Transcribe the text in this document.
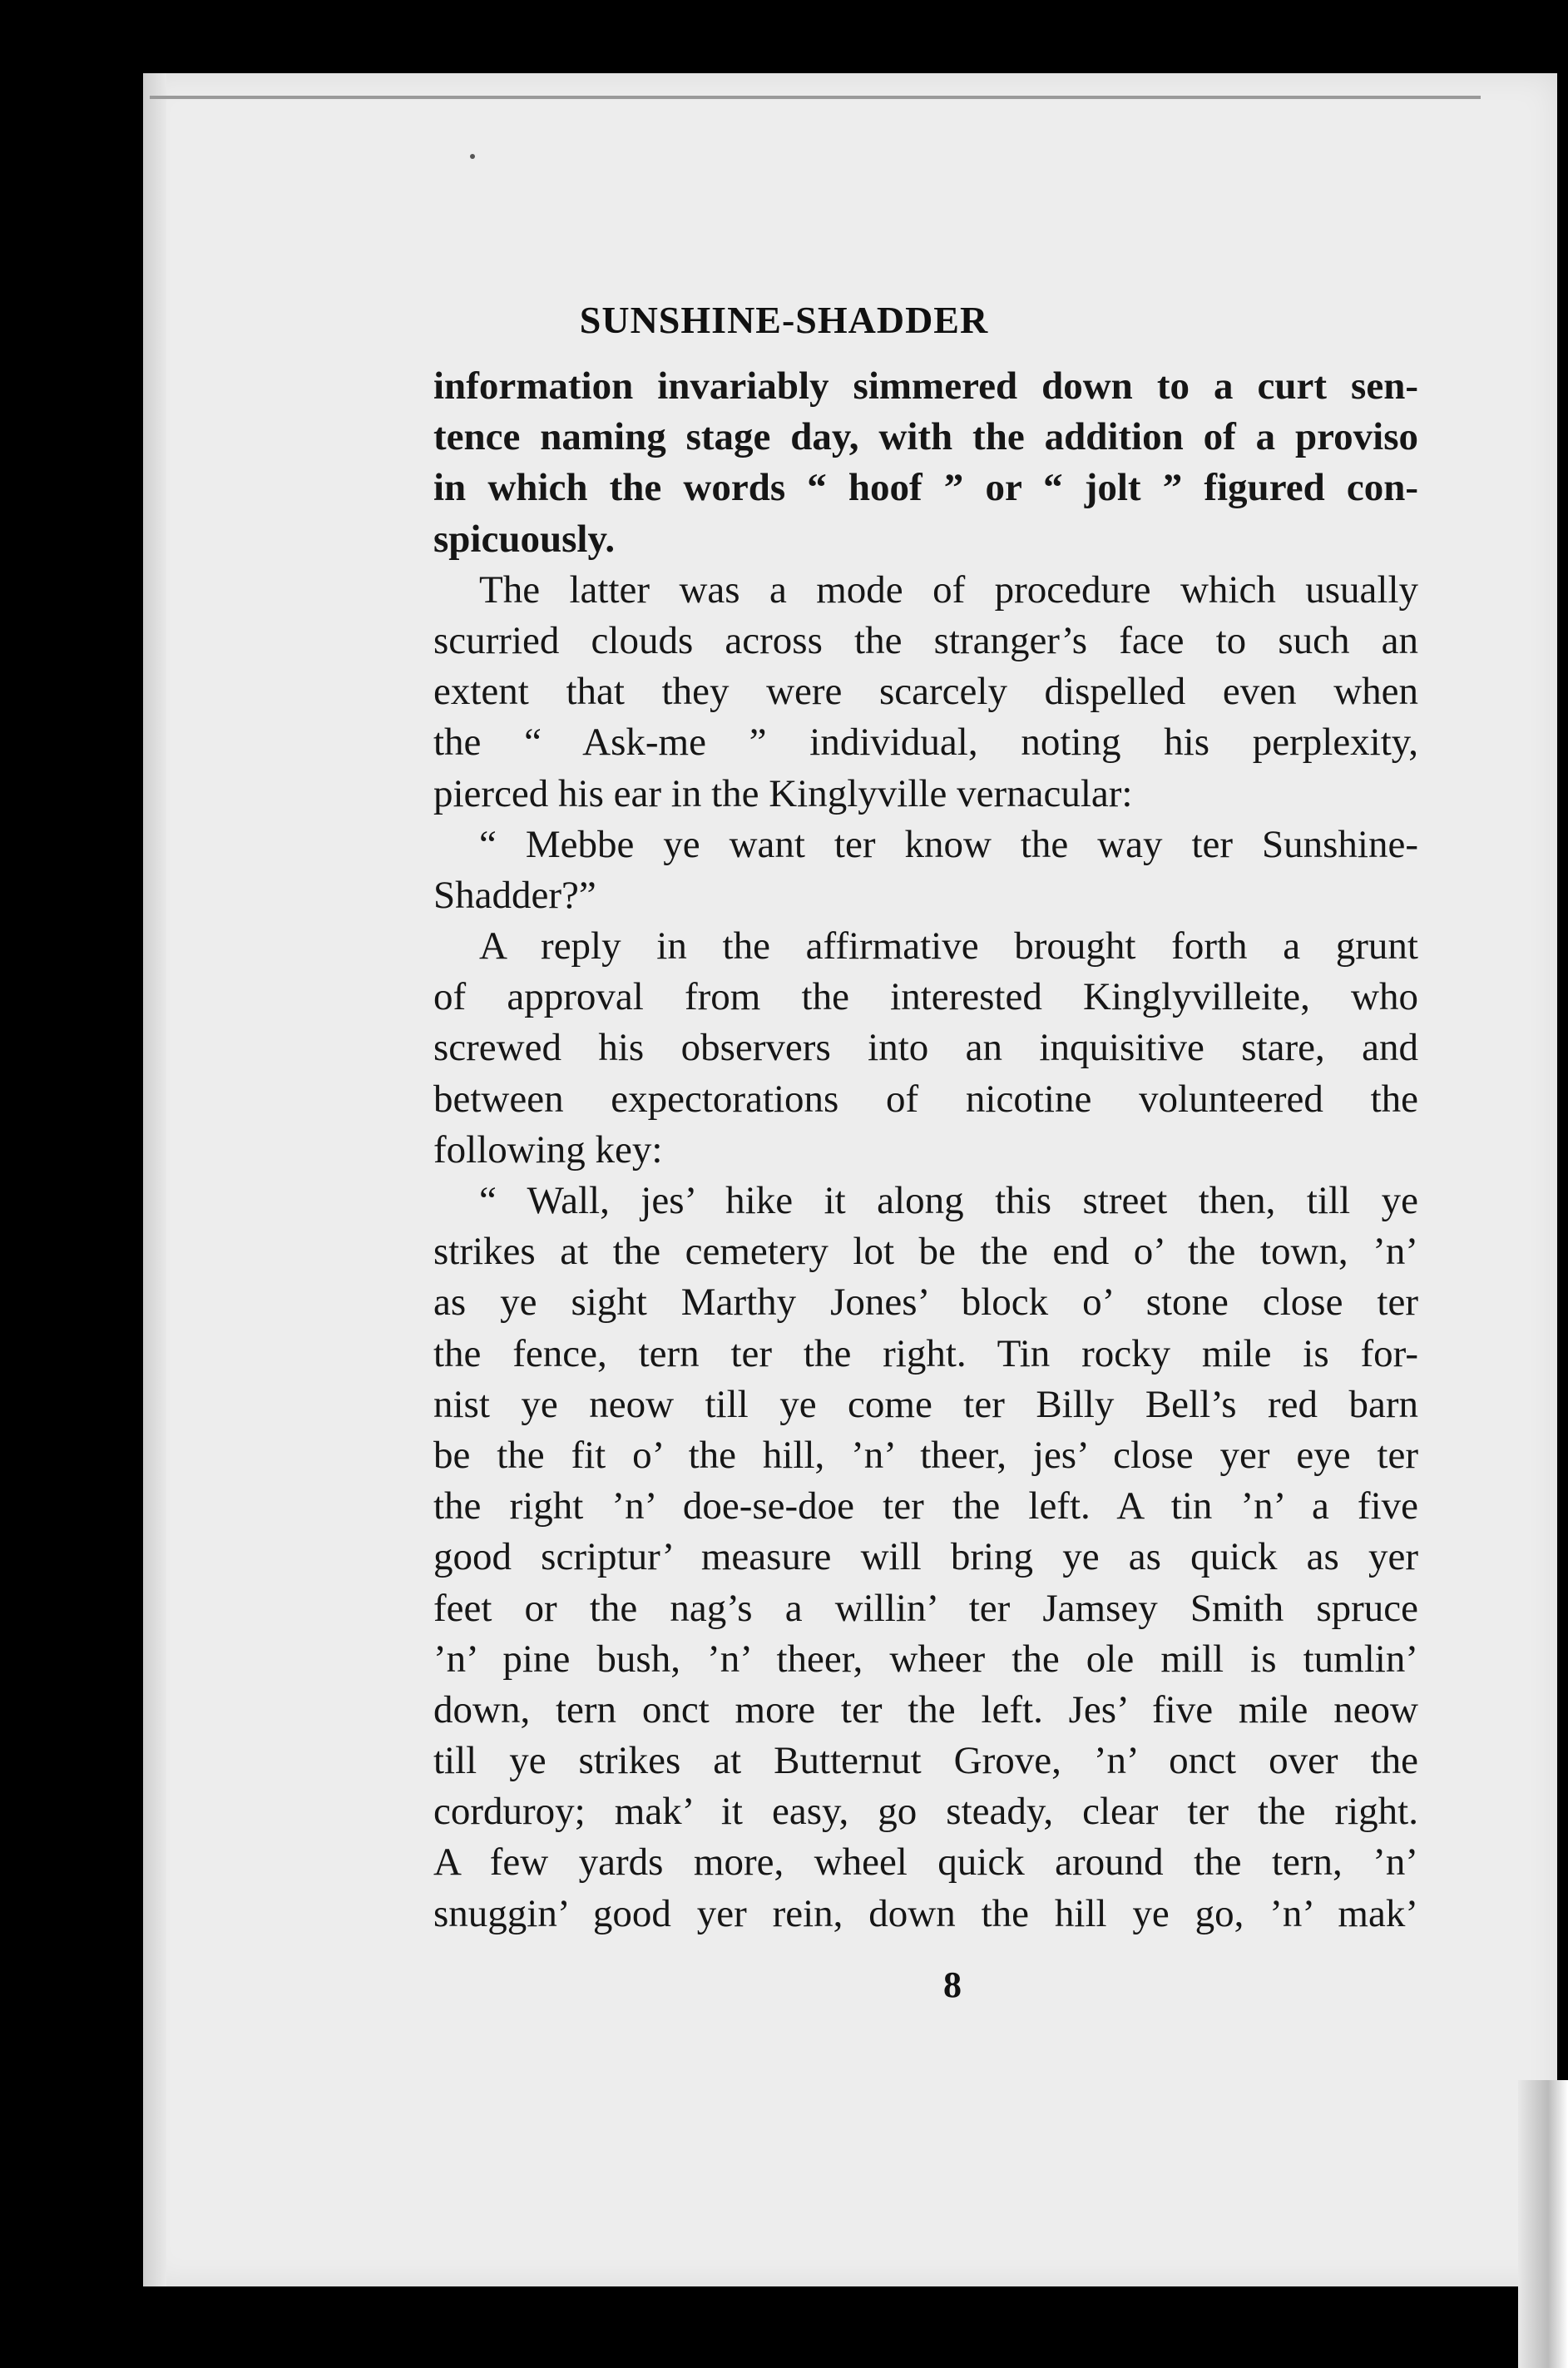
SUNSHINE-SHADDER
information invariably simmered down to a curt sen-
tence naming stage day, with the addition of a proviso
in which the words “ hoof ” or “ jolt ” figured con-
spicuously.
The latter was a mode of procedure which usually
scurried clouds across the stranger’s face to such an
extent that they were scarcely dispelled even when
the “ Ask-me ” individual, noting his perplexity,
pierced his ear in the Kinglyville vernacular:
“ Mebbe ye want ter know the way ter Sunshine-
Shadder?”
A reply in the affirmative brought forth a grunt
of approval from the interested Kinglyvilleite, who
screwed his observers into an inquisitive stare, and
between expectorations of nicotine volunteered the
following key:
“ Wall, jes’ hike it along this street then, till ye
strikes at the cemetery lot be the end o’ the town, ’n’
as ye sight Marthy Jones’ block o’ stone close ter
the fence, tern ter the right. Tin rocky mile is for-
nist ye neow till ye come ter Billy Bell’s red barn
be the fit o’ the hill, ’n’ theer, jes’ close yer eye ter
the right ’n’ doe-se-doe ter the left. A tin ’n’ a five
good scriptur’ measure will bring ye as quick as yer
feet or the nag’s a willin’ ter Jamsey Smith spruce
’n’ pine bush, ’n’ theer, wheer the ole mill is tumlin’
down, tern onct more ter the left. Jes’ five mile neow
till ye strikes at Butternut Grove, ’n’ onct over the
corduroy; mak’ it easy, go steady, clear ter the right.
A few yards more, wheel quick around the tern, ’n’
snuggin’ good yer rein, down the hill ye go, ’n’ mak’
8
